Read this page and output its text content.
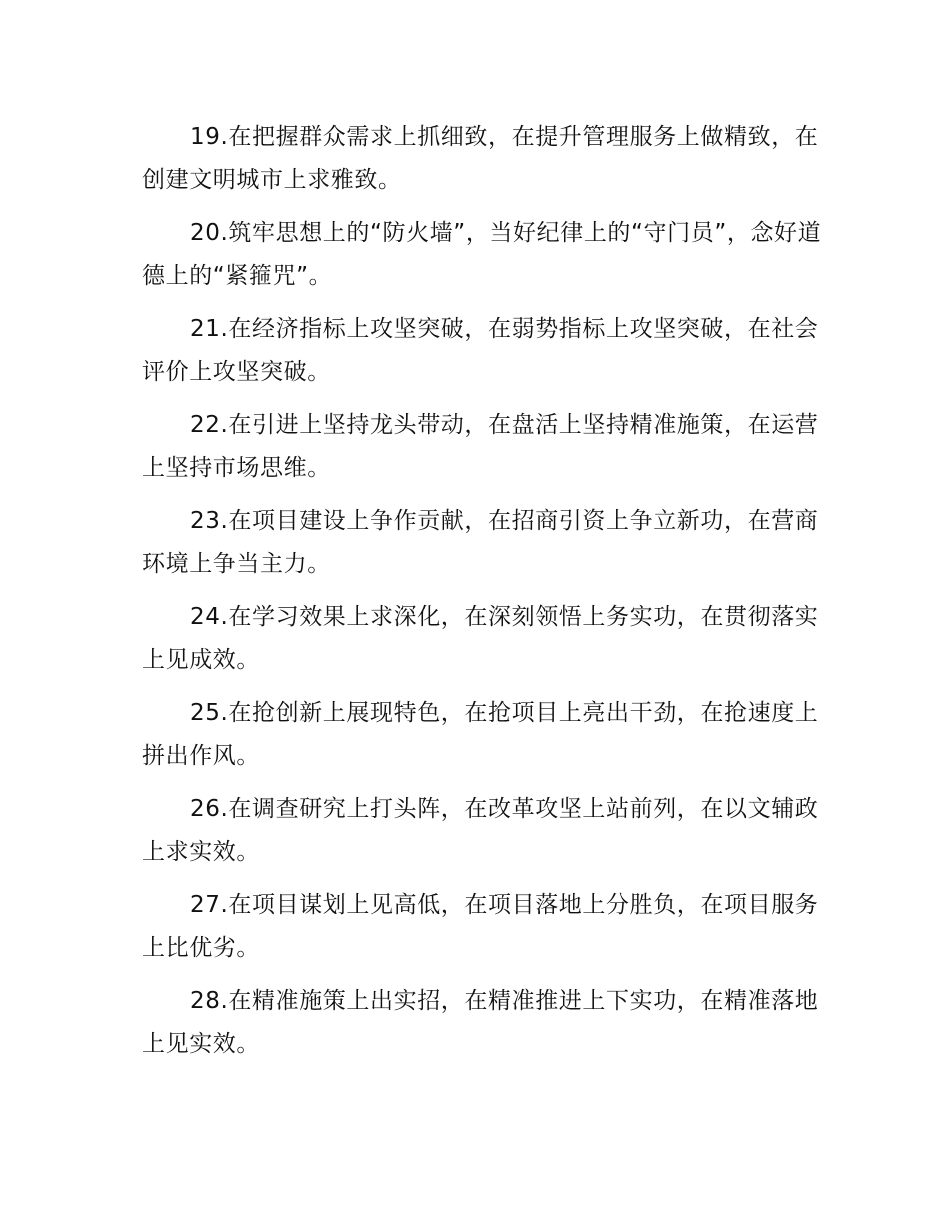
19.在把握群众需求上抓细致，在提升管理服务上做精致，在创建文明城市上求雅致。

20.筑牢思想上的“防火墙”，当好纪律上的“守门员”，念好道德上的“紧箍咒”。

21.在经济指标上攻坚突破，在弱势指标上攻坚突破，在社会评价上攻坚突破。

22.在引进上坚持龙头带动，在盘活上坚持精准施策，在运营上坚持市场思维。

23.在项目建设上争作贡献，在招商引资上争立新功，在营商环境上争当主力。

24.在学习效果上求深化，在深刻领悟上务实功，在贯彻落实上见成效。

25.在抢创新上展现特色，在抢项目上亮出干劲，在抢速度上拼出作风。

26.在调查研究上打头阵，在改革攻坚上站前列，在以文辅政上求实效。

27.在项目谋划上见高低，在项目落地上分胜负，在项目服务上比优劣。

28.在精准施策上出实招，在精准推进上下实功，在精准落地上见实效。
